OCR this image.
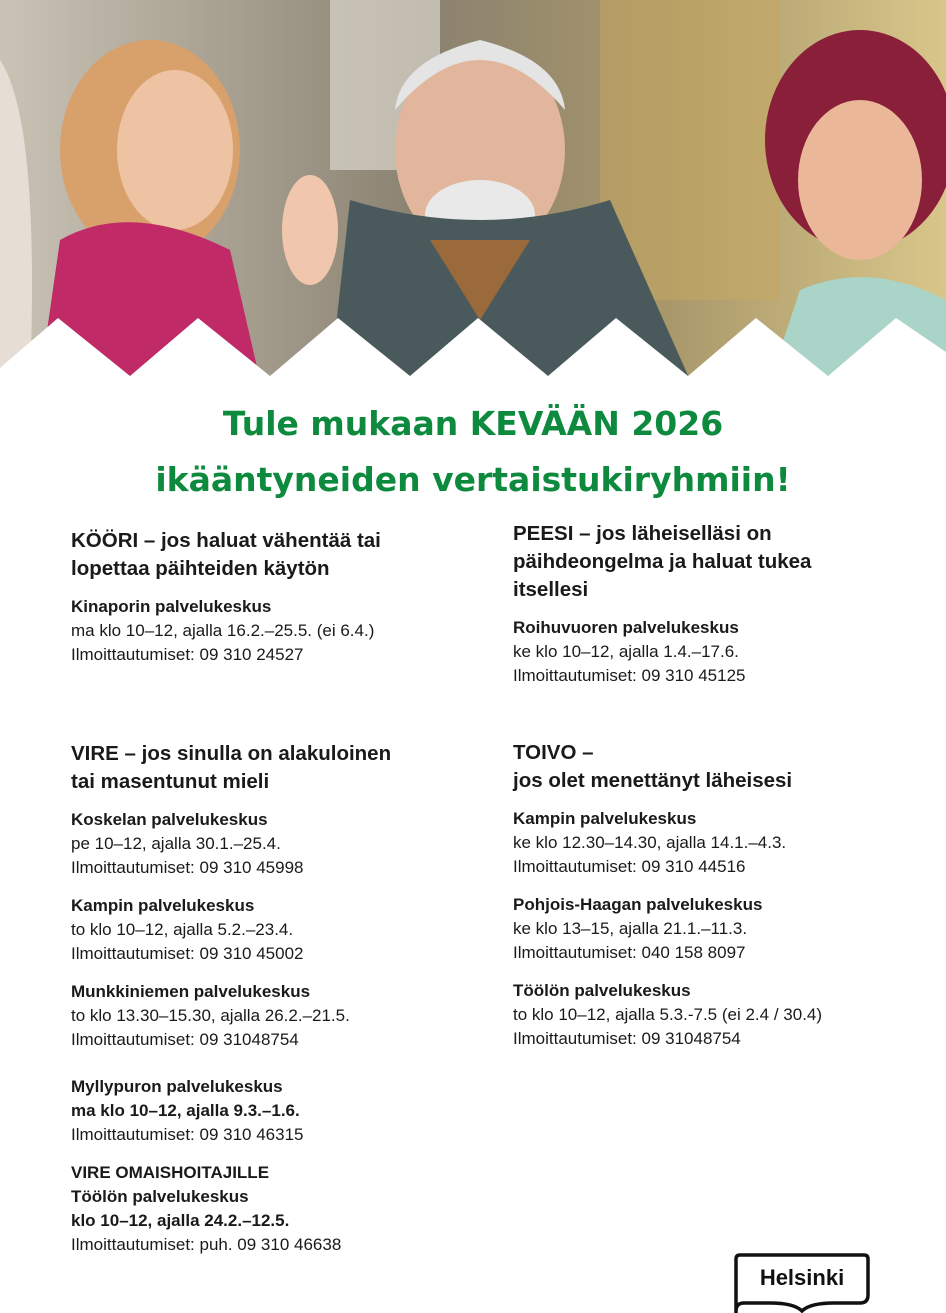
Tule mukaan KEVÄÄN 2026
ikääntyneiden vertaistukiryhmiin!

KÖÖRI – jos haluat vähentää tai
lopettaa päihteiden käytön

Kinaporin palvelukeskus
ma klo 10–12, ajalla 16.2.–25.5. (ei 6.4.)
Ilmoittautumiset: 09 310 24527

VIRE – jos sinulla on alakuloinen
tai masentunut mieli

Koskelan palvelukeskus
pe 10–12, ajalla 30.1.–25.4.
Ilmoittautumiset: 09 310 45998
Kampin palvelukeskus
to klo 10–12, ajalla 5.2.–23.4.
Ilmoittautumiset: 09 310 45002
Munkkiniemen palvelukeskus
to klo 13.30–15.30, ajalla 26.2.–21.5.
Ilmoittautumiset: 09 31048754
Myllypuron palvelukeskus
ma klo 10–12, ajalla 9.3.–1.6.
Ilmoittautumiset: 09 310 46315
VIRE OMAISHOITAJILLE
Töölön palvelukeskus
klo 10–12, ajalla 24.2.–12.5.
Ilmoittautumiset: puh. 09 310 46638

PEESI – jos läheiselläsi on
päihdeongelma ja haluat tukea
itsellesi

Roihuvuoren palvelukeskus
ke klo 10–12, ajalla 1.4.–17.6.
Ilmoittautumiset: 09 310 45125

TOIVO –
jos olet menettänyt läheisesi

Kampin palvelukeskus
ke klo 12.30–14.30, ajalla 14.1.–4.3.
Ilmoittautumiset: 09 310 44516
Pohjois-Haagan palvelukeskus
ke klo 13–15, ajalla 21.1.–11.3.
Ilmoittautumiset: 040 158 8097
Töölön palvelukeskus
to klo 10–12, ajalla 5.3.-7.5 (ei 2.4 / 30.4)
Ilmoittautumiset: 09 31048754
Helsinki
